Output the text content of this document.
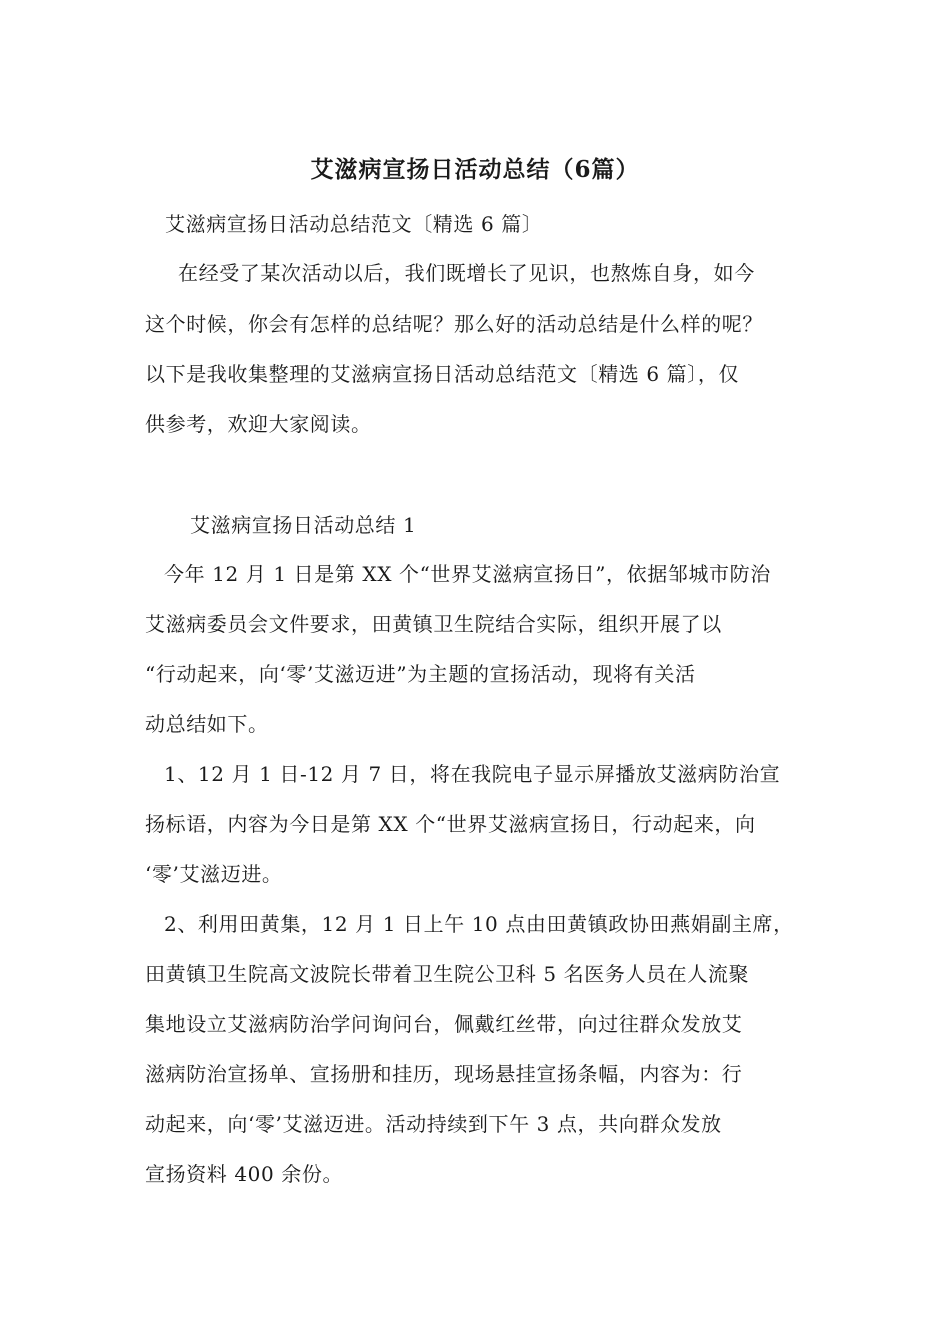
艾滋病宣扬日活动总结（6篇）
艾滋病宣扬日活动总结范文〔精选 6 篇〕
在经受了某次活动以后，我们既增长了见识，也熬炼自身，如今
这个时候，你会有怎样的总结呢？那么好的活动总结是什么样的呢？
以下是我收集整理的艾滋病宣扬日活动总结范文〔精选 6 篇〕，仅
供参考，欢迎大家阅读。
艾滋病宣扬日活动总结 1
今年 12 月 1 日是第 XX 个“世界艾滋病宣扬日”，依据邹城市防治
艾滋病委员会文件要求，田黄镇卫生院结合实际，组织开展了以
“行动起来，向‘零’艾滋迈进”为主题的宣扬活动，现将有关活
动总结如下。
1、12 月 1 日-12 月 7 日，将在我院电子显示屏播放艾滋病防治宣
扬标语，内容为今日是第 XX 个“世界艾滋病宣扬日，行动起来，向
‘零’艾滋迈进。
2、利用田黄集，12 月 1 日上午 10 点由田黄镇政协田燕娟副主席，
田黄镇卫生院高文波院长带着卫生院公卫科 5 名医务人员在人流聚
集地设立艾滋病防治学问询问台，佩戴红丝带，向过往群众发放艾
滋病防治宣扬单、宣扬册和挂历，现场悬挂宣扬条幅，内容为：行
动起来，向‘零’艾滋迈进。活动持续到下午 3 点，共向群众发放
宣扬资料 400 余份。
